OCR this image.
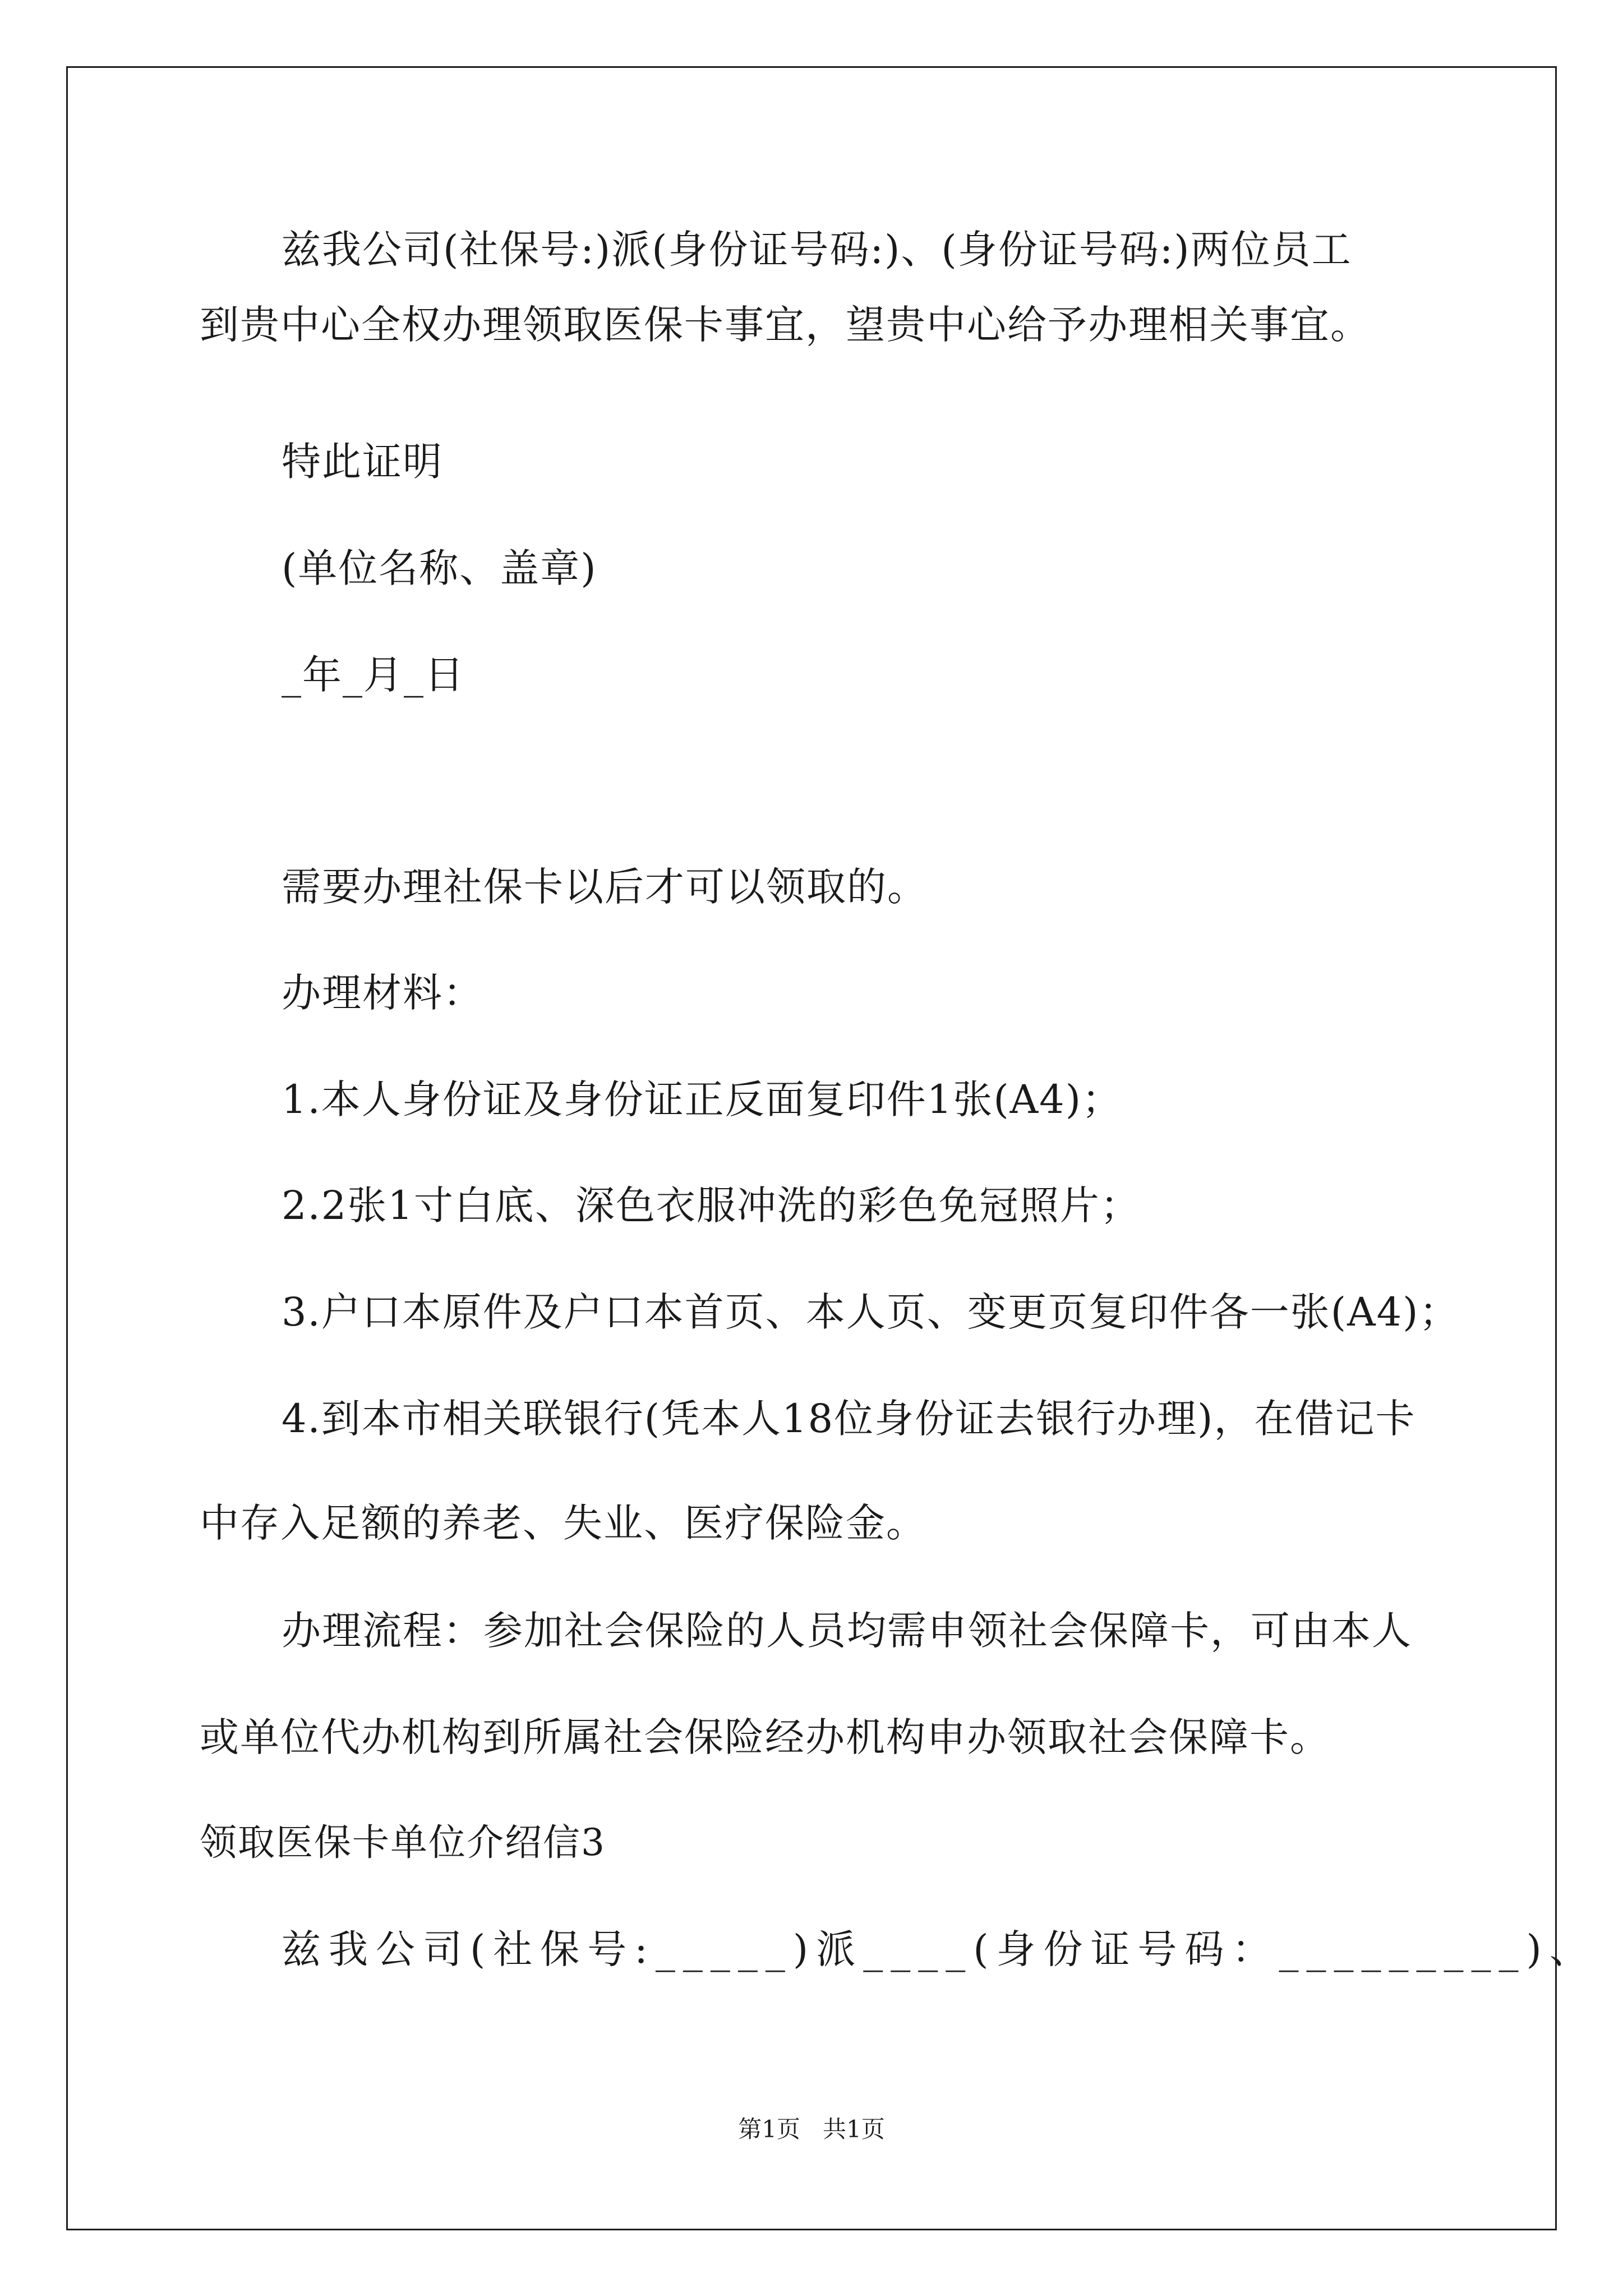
兹我公司(社保号:)派(身份证号码:)、(身份证号码:)两位员工
到贵中心全权办理领取医保卡事宜，望贵中心给予办理相关事宜。
特此证明
(单位名称、盖章)
_年_月_日
需要办理社保卡以后才可以领取的。
办理材料：
1.本人身份证及身份证正反面复印件1张(A4)；
2.2张1寸白底、深色衣服冲洗的彩色免冠照片；
3.户口本原件及户口本首页、本人页、变更页复印件各一张(A4)；
4.到本市相关联银行(凭本人18位身份证去银行办理)，在借记卡
中存入足额的养老、失业、医疗保险金。
办理流程：参加社会保险的人员均需申领社会保障卡，可由本人
或单位代办机构到所属社会保险经办机构申办领取社会保障卡。
领取医保卡单位介绍信3
兹我公司(社保号:_____)派____(身份证号码：_________)、
第1页   共1页
